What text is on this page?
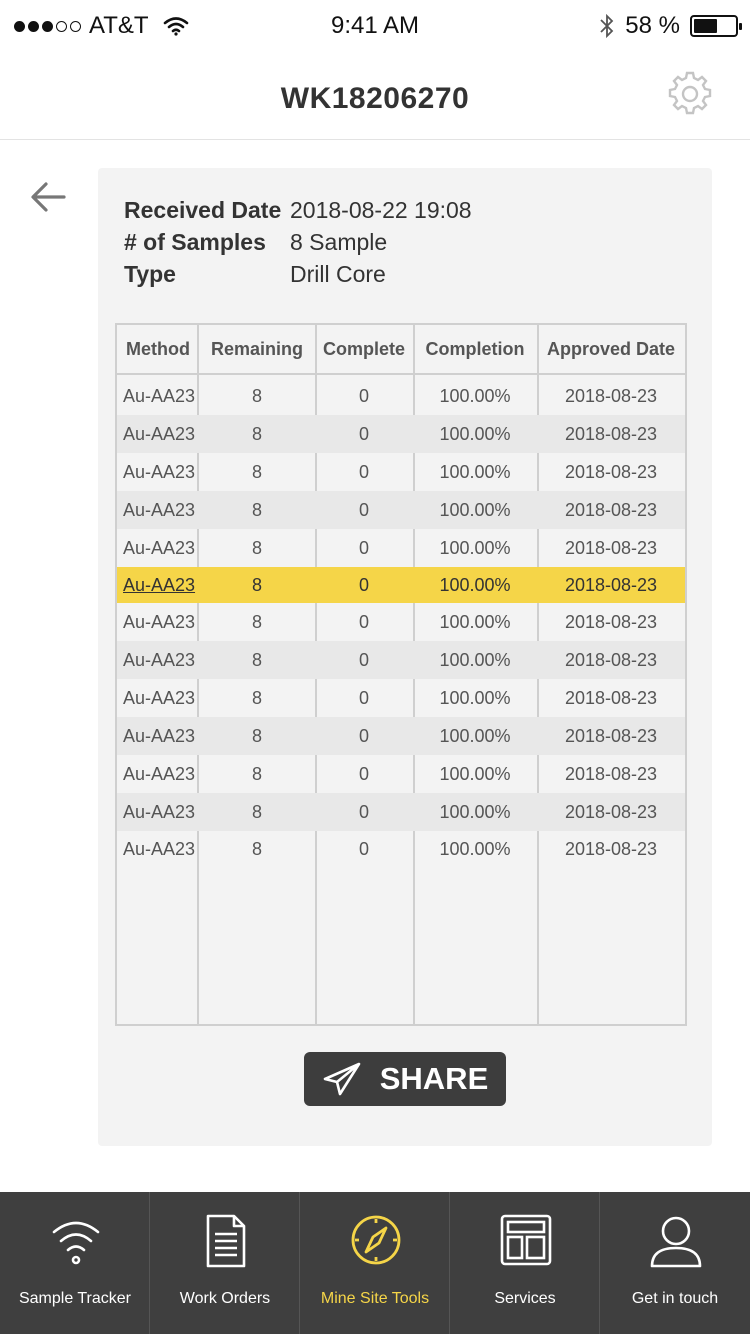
AT&T	9:41 AM	58 %
WK18206270
Received Date 2018-08-22 19:08
# of Samples	8 Sample
Type	Drill Core
Method	Remaining	Complete	Completion	Approved Date
Au-AA23	8	0	100.00%	2018-08-23
Au-AA23	8	0	100.00%	2018-08-23
Au-AA23	8	0	100.00%	2018-08-23
Au-AA23	8	0	100.00%	2018-08-23
Au-AA23	8	0	100.00%	2018-08-23
Au-AA23	8	0	100.00%	2018-08-23
Au-AA23	8	0	100.00%	2018-08-23
Au-AA23	8	0	100.00%	2018-08-23
Au-AA23	8	0	100.00%	2018-08-23
Au-AA23	8	0	100.00%	2018-08-23
Au-AA23	8	0	100.00%	2018-08-23
Au-AA23	8	0	100.00%	2018-08-23
Au-AA23	8	0	100.00%	2018-08-23
SHARE
Sample Tracker	Work Orders	Mine Site Tools	Services	Get in touch
